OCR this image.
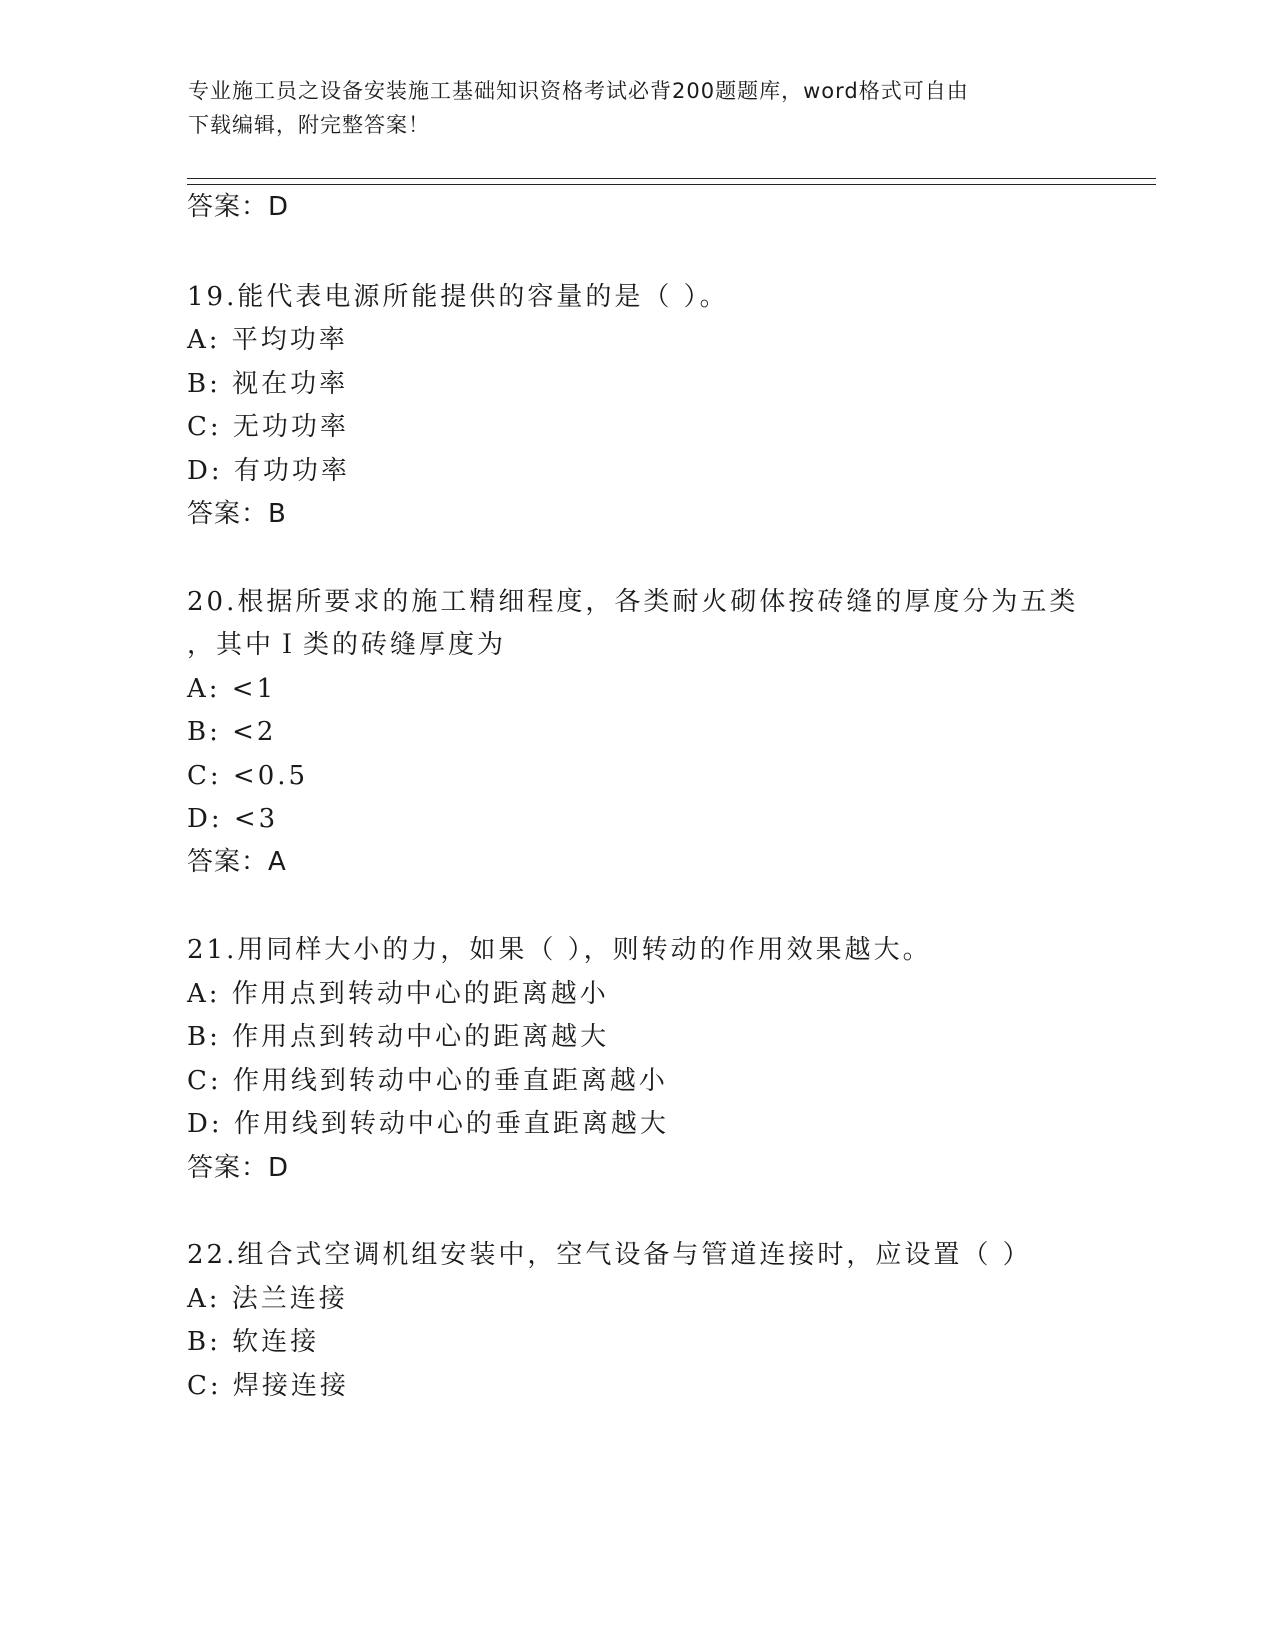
专业施工员之设备安装施工基础知识资格考试必背200题题库，word格式可自由
下载编辑，附完整答案！
答案：D
19.能代表电源所能提供的容量的是（ ）。
A: 平均功率
B: 视在功率
C: 无功功率
D: 有功功率
答案：B
20.根据所要求的施工精细程度，各类耐火砌体按砖缝的厚度分为五类
，其中Ｉ类的砖缝厚度为
A: <1
B: <2
C: <0.5
D: <3
答案：A
21.用同样大小的力，如果（ ），则转动的作用效果越大。
A: 作用点到转动中心的距离越小
B: 作用点到转动中心的距离越大
C: 作用线到转动中心的垂直距离越小
D: 作用线到转动中心的垂直距离越大
答案：D
22.组合式空调机组安装中，空气设备与管道连接时，应设置（ ）
A: 法兰连接
B: 软连接
C: 焊接连接
